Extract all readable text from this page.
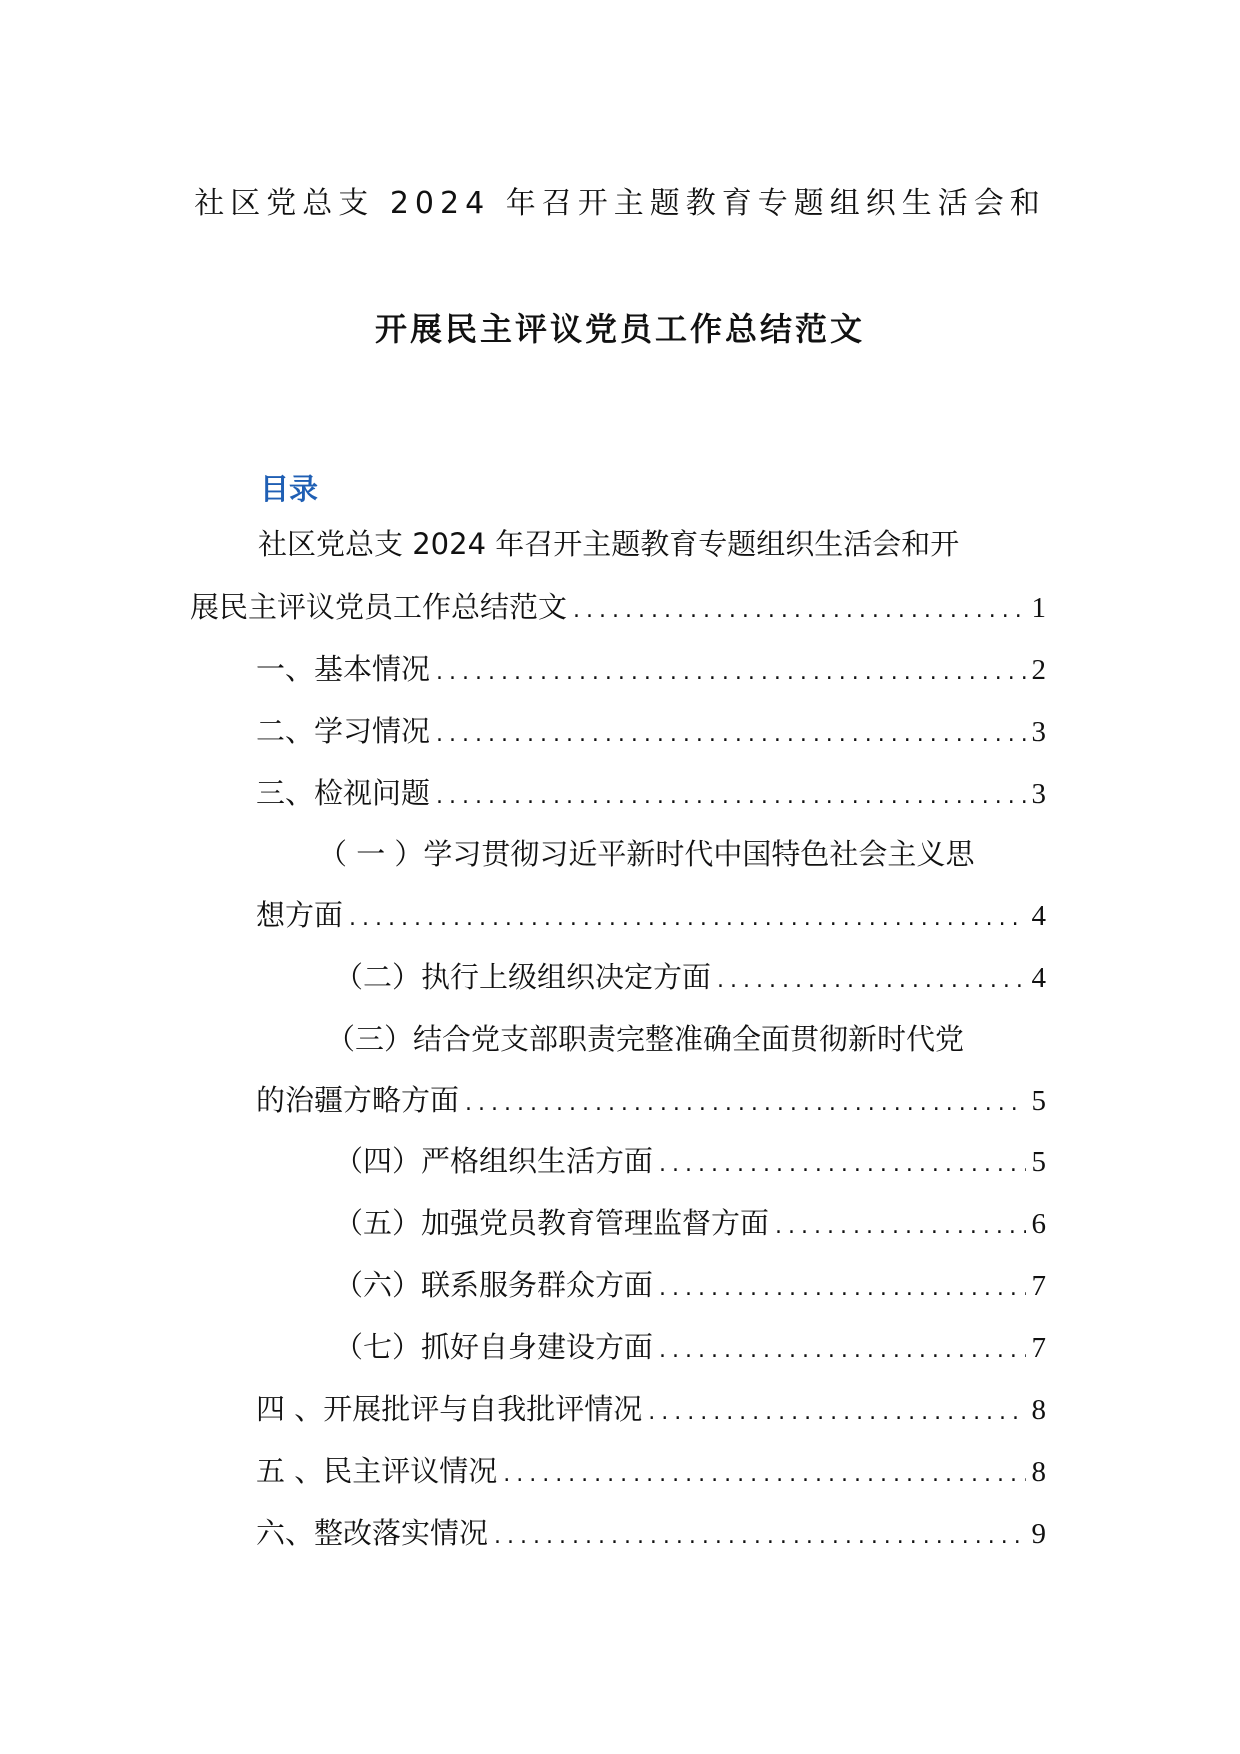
社区党总支 2024 年召开主题教育专题组织生活会和
开展民主评议党员工作总结范文
目录
社区党总支 2024 年召开主题教育专题组织生活会和开
展民主评议党员工作总结范文 .....	1
一、基本情况 .....	2
二、学习情况 .....	3
三、检视问题 .....	3
（ 一 ）学习贯彻习近平新时代中国特色社会主义思
想方面 .....	4
（二）执行上级组织决定方面 .....	4
（三）结合党支部职责完整准确全面贯彻新时代党
的治疆方略方面 .....	5
（四）严格组织生活方面 .....	5
（五）加强党员教育管理监督方面 .....	6
（六）联系服务群众方面 .....	7
（七）抓好自身建设方面 .....	7
四 、开展批评与自我批评情况 .....	8
五 、民主评议情况 .....	8
六、整改落实情况 .....	9
